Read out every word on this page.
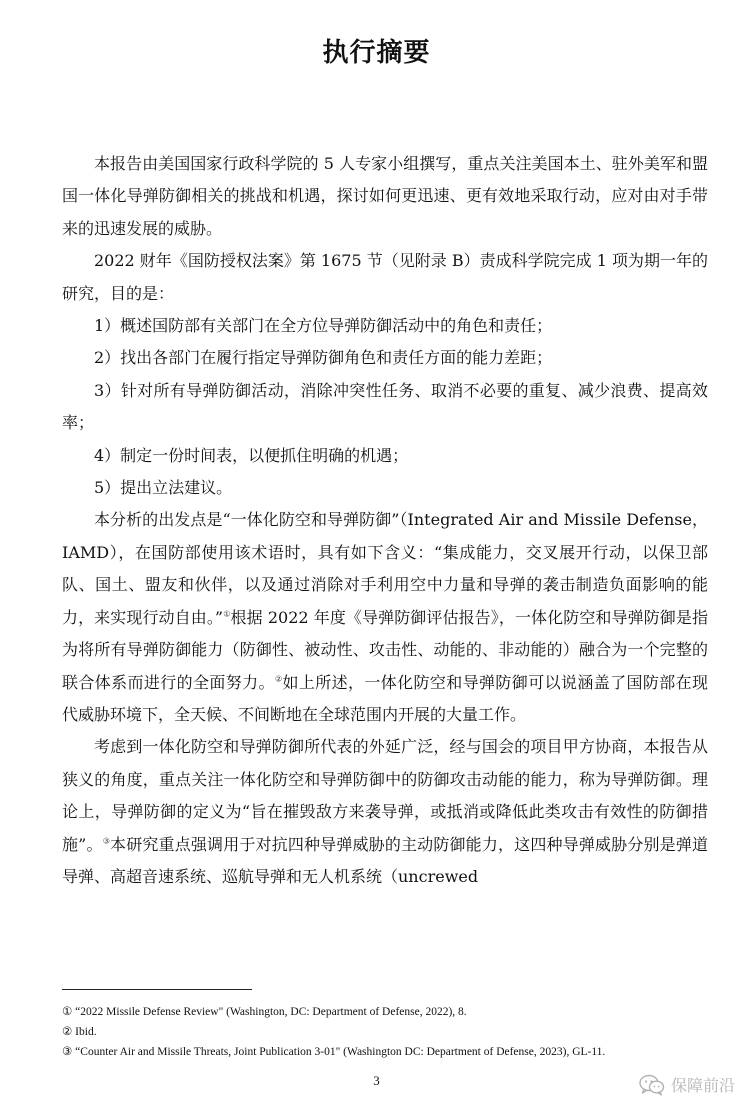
执行摘要

本报告由美国国家行政科学院的 5 人专家小组撰写，重点关注美国本土、驻外美军和盟国一体化导弹防御相关的挑战和机遇，探讨如何更迅速、更有效地采取行动，应对由对手带来的迅速发展的威胁。

2022 财年《国防授权法案》第 1675 节（见附录 B）责成科学院完成 1 项为期一年的研究，目的是：

1）概述国防部有关部门在全方位导弹防御活动中的角色和责任；

2）找出各部门在履行指定导弹防御角色和责任方面的能力差距；

3）针对所有导弹防御活动，消除冲突性任务、取消不必要的重复、减少浪费、提高效率；

4）制定一份时间表，以便抓住明确的机遇；

5）提出立法建议。

本分析的出发点是“一体化防空和导弹防御”（Integrated Air and Missile Defense，IAMD），在国防部使用该术语时，具有如下含义：“集成能力，交叉展开行动，以保卫部队、国土、盟友和伙伴，以及通过消除对手利用空中力量和导弹的袭击制造负面影响的能力，来实现行动自由。”①根据 2022 年度《导弹防御评估报告》，一体化防空和导弹防御是指为将所有导弹防御能力（防御性、被动性、攻击性、动能的、非动能的）融合为一个完整的联合体系而进行的全面努力。②如上所述，一体化防空和导弹防御可以说涵盖了国防部在现代威胁环境下，全天候、不间断地在全球范围内开展的大量工作。

考虑到一体化防空和导弹防御所代表的外延广泛，经与国会的项目甲方协商，本报告从狭义的角度，重点关注一体化防空和导弹防御中的防御攻击动能的能力，称为导弹防御。理论上，导弹防御的定义为“旨在摧毁敌方来袭导弹，或抵消或降低此类攻击有效性的防御措施”。③本研究重点强调用于对抗四种导弹威胁的主动防御能力，这四种导弹威胁分别是弹道导弹、高超音速系统、巡航导弹和无人机系统（uncrewed

① “2022 Missile Defense Review" (Washington, DC: Department of Defense, 2022), 8.

② Ibid.

③ “Counter Air and Missile Threats, Joint Publication 3-01" (Washington DC: Department of Defense, 2023), GL-11.

3	保障前沿
